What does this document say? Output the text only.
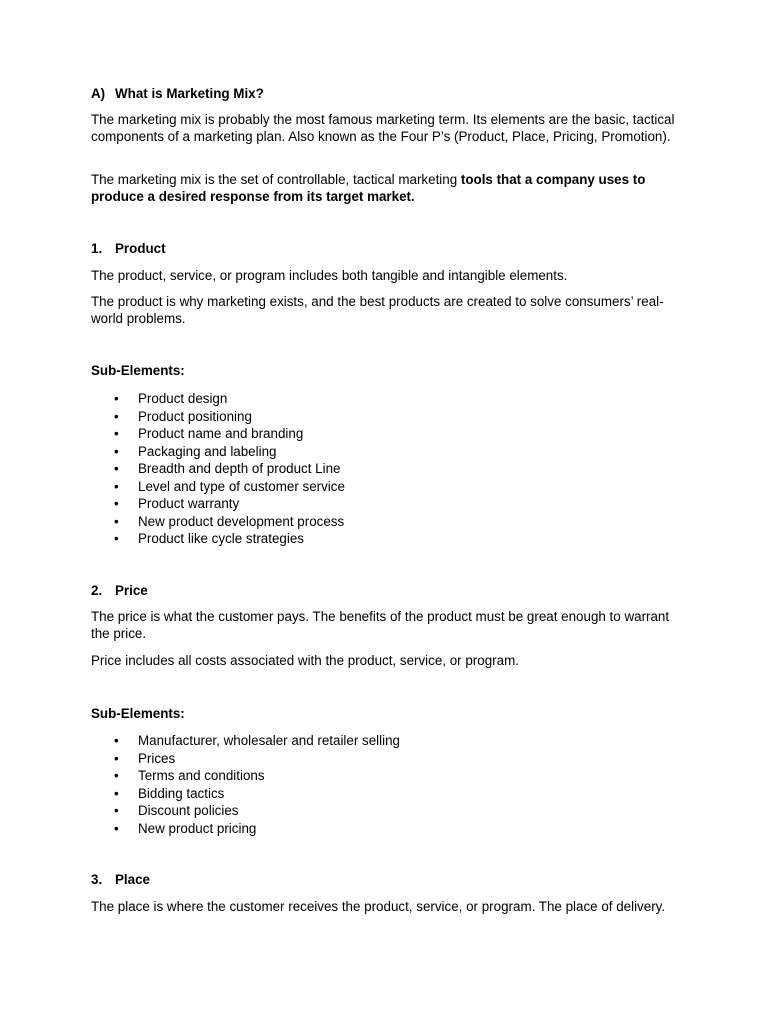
A) What is Marketing Mix?
The marketing mix is probably the most famous marketing term. Its elements are the basic, tactical components of a marketing plan. Also known as the Four P’s (Product, Place, Pricing, Promotion).
The marketing mix is the set of controllable, tactical marketing tools that a company uses to produce a desired response from its target market.
1. Product
The product, service, or program includes both tangible and intangible elements.
The product is why marketing exists, and the best products are created to solve consumers’ real-world problems.
Sub-Elements:
• Product design
• Product positioning
• Product name and branding
• Packaging and labeling
• Breadth and depth of product Line
• Level and type of customer service
• Product warranty
• New product development process
• Product like cycle strategies
2. Price
The price is what the customer pays. The benefits of the product must be great enough to warrant the price.
Price includes all costs associated with the product, service, or program.
Sub-Elements:
• Manufacturer, wholesaler and retailer selling
• Prices
• Terms and conditions
• Bidding tactics
• Discount policies
• New product pricing
3. Place
The place is where the customer receives the product, service, or program. The place of delivery.
